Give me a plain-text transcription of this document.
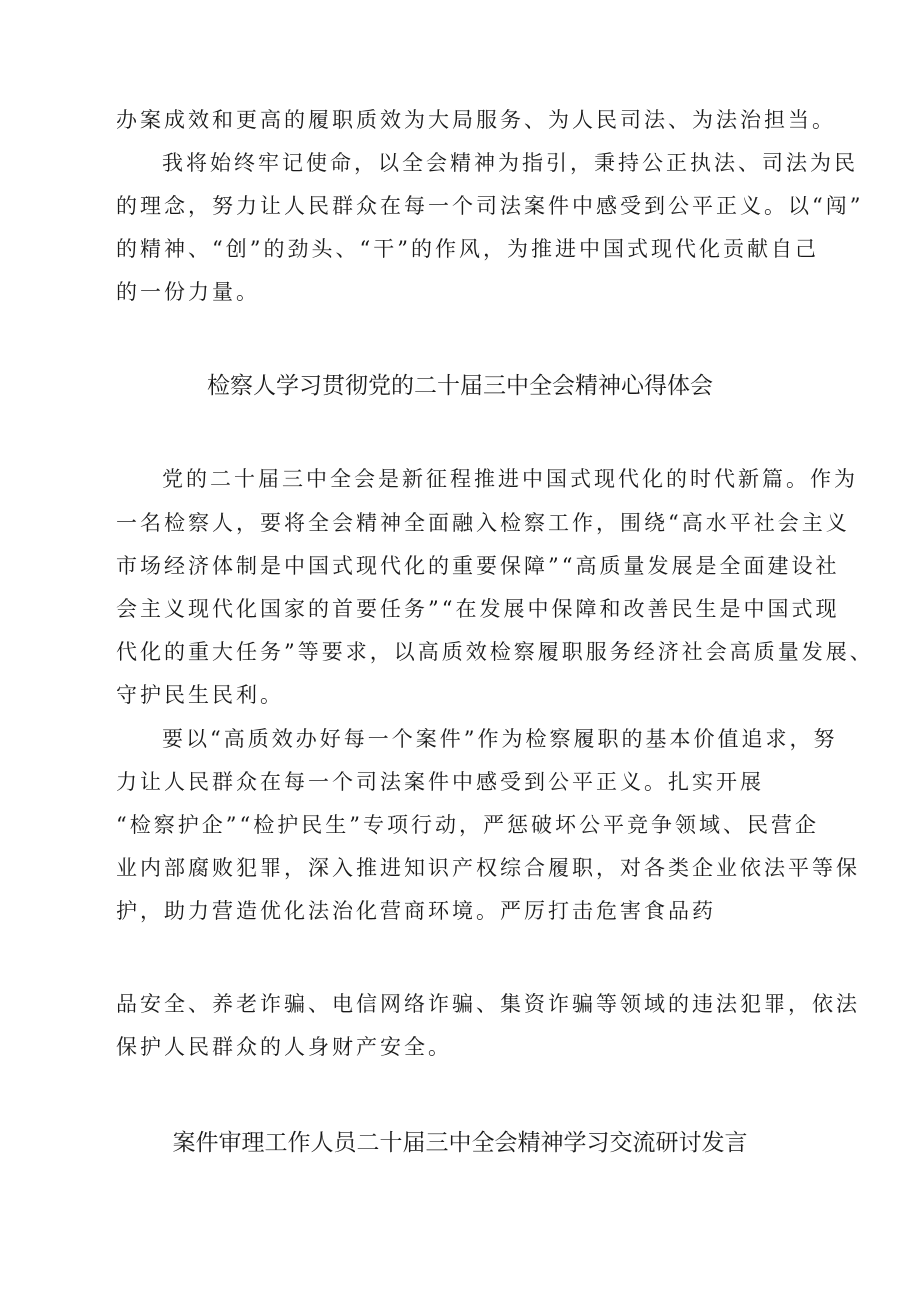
办案成效和更高的履职质效为大局服务、为人民司法、为法治担当。
我将始终牢记使命，以全会精神为指引，秉持公正执法、司法为民
的理念，努力让人民群众在每一个司法案件中感受到公平正义。以“闯”
的精神、“创”的劲头、“干”的作风，为推进中国式现代化贡献自己
的一份力量。
检察人学习贯彻党的二十届三中全会精神心得体会
党的二十届三中全会是新征程推进中国式现代化的时代新篇。作为
一名检察人，要将全会精神全面融入检察工作，围绕“高水平社会主义
市场经济体制是中国式现代化的重要保障”“高质量发展是全面建设社
会主义现代化国家的首要任务”“在发展中保障和改善民生是中国式现
代化的重大任务”等要求，以高质效检察履职服务经济社会高质量发展、
守护民生民利。
要以“高质效办好每一个案件”作为检察履职的基本价值追求，努
力让人民群众在每一个司法案件中感受到公平正义。扎实开展
“检察护企”“检护民生”专项行动，严惩破坏公平竞争领域、民营企
业内部腐败犯罪，深入推进知识产权综合履职，对各类企业依法平等保
护，助力营造优化法治化营商环境。严厉打击危害食品药
品安全、养老诈骗、电信网络诈骗、集资诈骗等领域的违法犯罪，依法
保护人民群众的人身财产安全。
案件审理工作人员二十届三中全会精神学习交流研讨发言
